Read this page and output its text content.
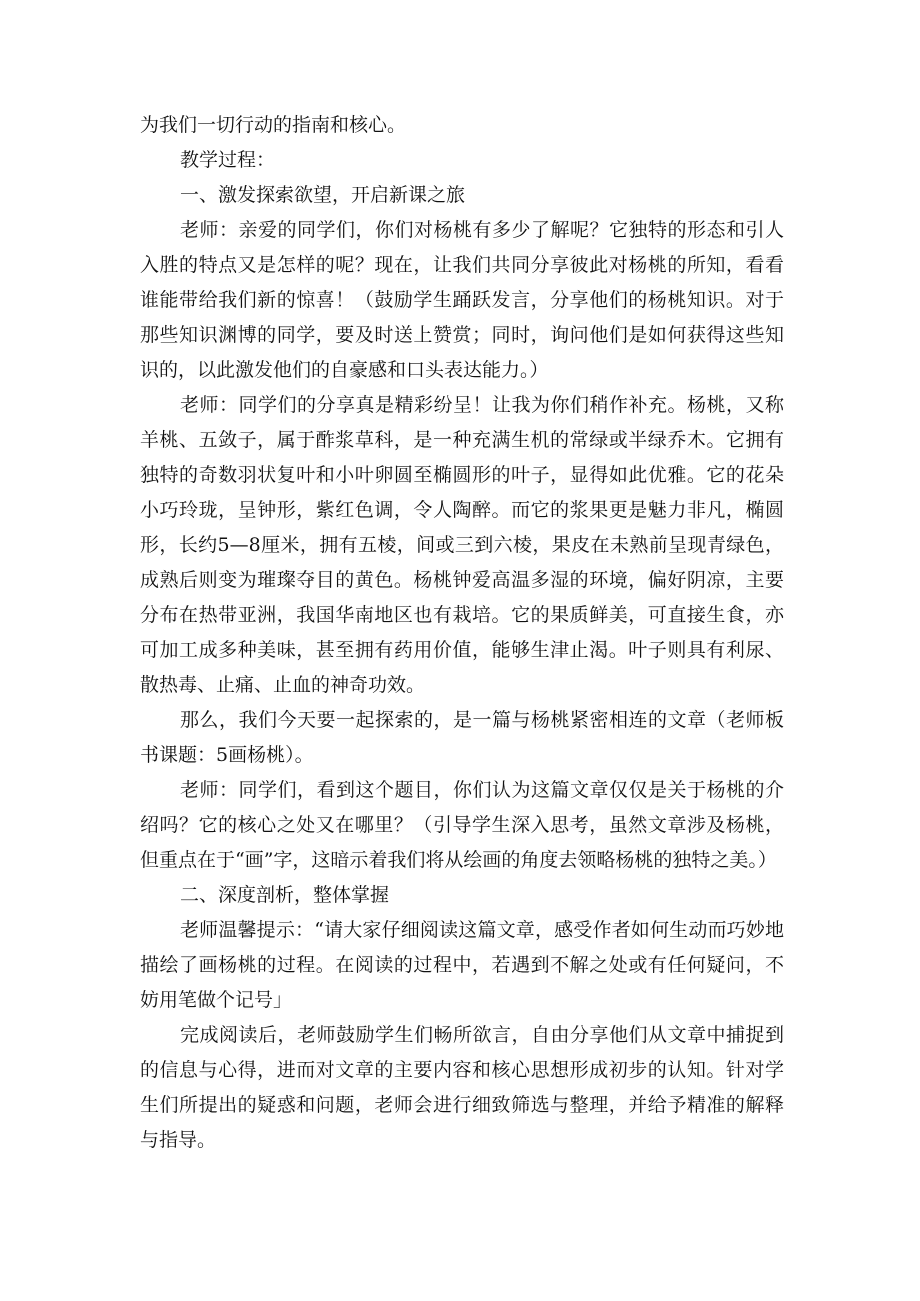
为我们一切行动的指南和核心。

教学过程：

一、激发探索欲望，开启新课之旅

老师：亲爱的同学们，你们对杨桃有多少了解呢？它独特的形态和引人入胜的特点又是怎样的呢？现在，让我们共同分享彼此对杨桃的所知，看看谁能带给我们新的惊喜！（鼓励学生踊跃发言，分享他们的杨桃知识。对于那些知识渊博的同学，要及时送上赞赏；同时，询问他们是如何获得这些知识的，以此激发他们的自豪感和口头表达能力。）

老师：同学们的分享真是精彩纷呈！让我为你们稍作补充。杨桃，又称羊桃、五敛子，属于酢浆草科，是一种充满生机的常绿或半绿乔木。它拥有独特的奇数羽状复叶和小叶卵圆至椭圆形的叶子，显得如此优雅。它的花朵小巧玲珑，呈钟形，紫红色调，令人陶醉。而它的浆果更是魅力非凡，椭圆形，长约5—8厘米，拥有五棱，间或三到六棱，果皮在未熟前呈现青绿色，成熟后则变为璀璨夺目的黄色。杨桃钟爱高温多湿的环境，偏好阴凉，主要分布在热带亚洲，我国华南地区也有栽培。它的果质鲜美，可直接生食，亦可加工成多种美味，甚至拥有药用价值，能够生津止渴。叶子则具有利尿、散热毒、止痛、止血的神奇功效。

那么，我们今天要一起探索的，是一篇与杨桃紧密相连的文章（老师板书课题：5画杨桃）。

老师：同学们，看到这个题目，你们认为这篇文章仅仅是关于杨桃的介绍吗？它的核心之处又在哪里？（引导学生深入思考，虽然文章涉及杨桃，但重点在于“画”字，这暗示着我们将从绘画的角度去领略杨桃的独特之美。）

二、深度剖析，整体掌握

老师温馨提示：“请大家仔细阅读这篇文章，感受作者如何生动而巧妙地描绘了画杨桃的过程。在阅读的过程中，若遇到不解之处或有任何疑问，不妨用笔做个记号」

完成阅读后，老师鼓励学生们畅所欲言，自由分享他们从文章中捕捉到的信息与心得，进而对文章的主要内容和核心思想形成初步的认知。针对学生们所提出的疑惑和问题，老师会进行细致筛选与整理，并给予精准的解释与指导。
